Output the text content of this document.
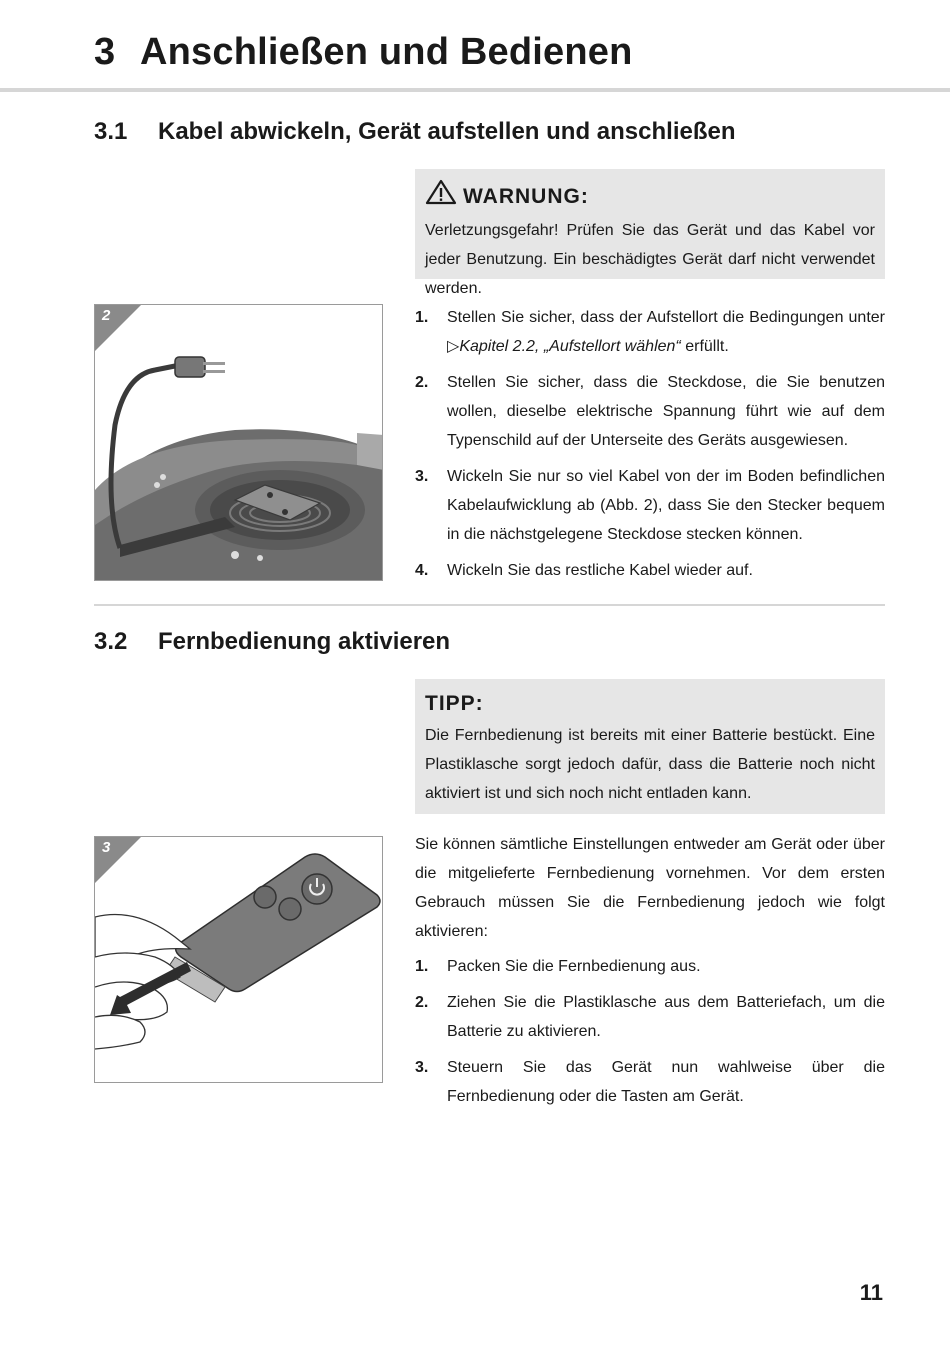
3 Anschließen und Bedienen
3.1 Kabel abwickeln, Gerät aufstellen und anschließen
WARNUNG:
Verletzungsgefahr! Prüfen Sie das Gerät und das Kabel vor jeder Benutzung. Ein beschädigtes Gerät darf nicht verwendet werden.
2	1. Stellen Sie sicher, dass der Aufstellort die Bedingungen unter ▷Kapitel 2.2, „Aufstellort wählen“ erfüllt.
2. Stellen Sie sicher, dass die Steckdose, die Sie benutzen wollen, dieselbe elektrische Spannung führt wie auf dem Typenschild auf der Unterseite des Geräts ausgewiesen.
3. Wickeln Sie nur so viel Kabel von der im Boden befindlichen Kabelaufwicklung ab (Abb. 2), dass Sie den Stecker bequem in die nächstgelegene Steckdose stecken können.
4. Wickeln Sie das restliche Kabel wieder auf.
3.2 Fernbedienung aktivieren
TIPP:
Die Fernbedienung ist bereits mit einer Batterie bestückt. Eine Plastiklasche sorgt jedoch dafür, dass die Batterie noch nicht aktiviert ist und sich noch nicht entladen kann.
3	Sie können sämtliche Einstellungen entweder am Gerät oder über die mitgelieferte Fernbedienung vornehmen. Vor dem ersten Gebrauch müssen Sie die Fernbedienung jedoch wie folgt aktivieren:

1. Packen Sie die Fernbedienung aus.
2. Ziehen Sie die Plastiklasche aus dem Batteriefach, um die Batterie zu aktivieren.
3. Steuern Sie das Gerät nun wahlweise über die Fernbedienung oder die Tasten am Gerät.
11
